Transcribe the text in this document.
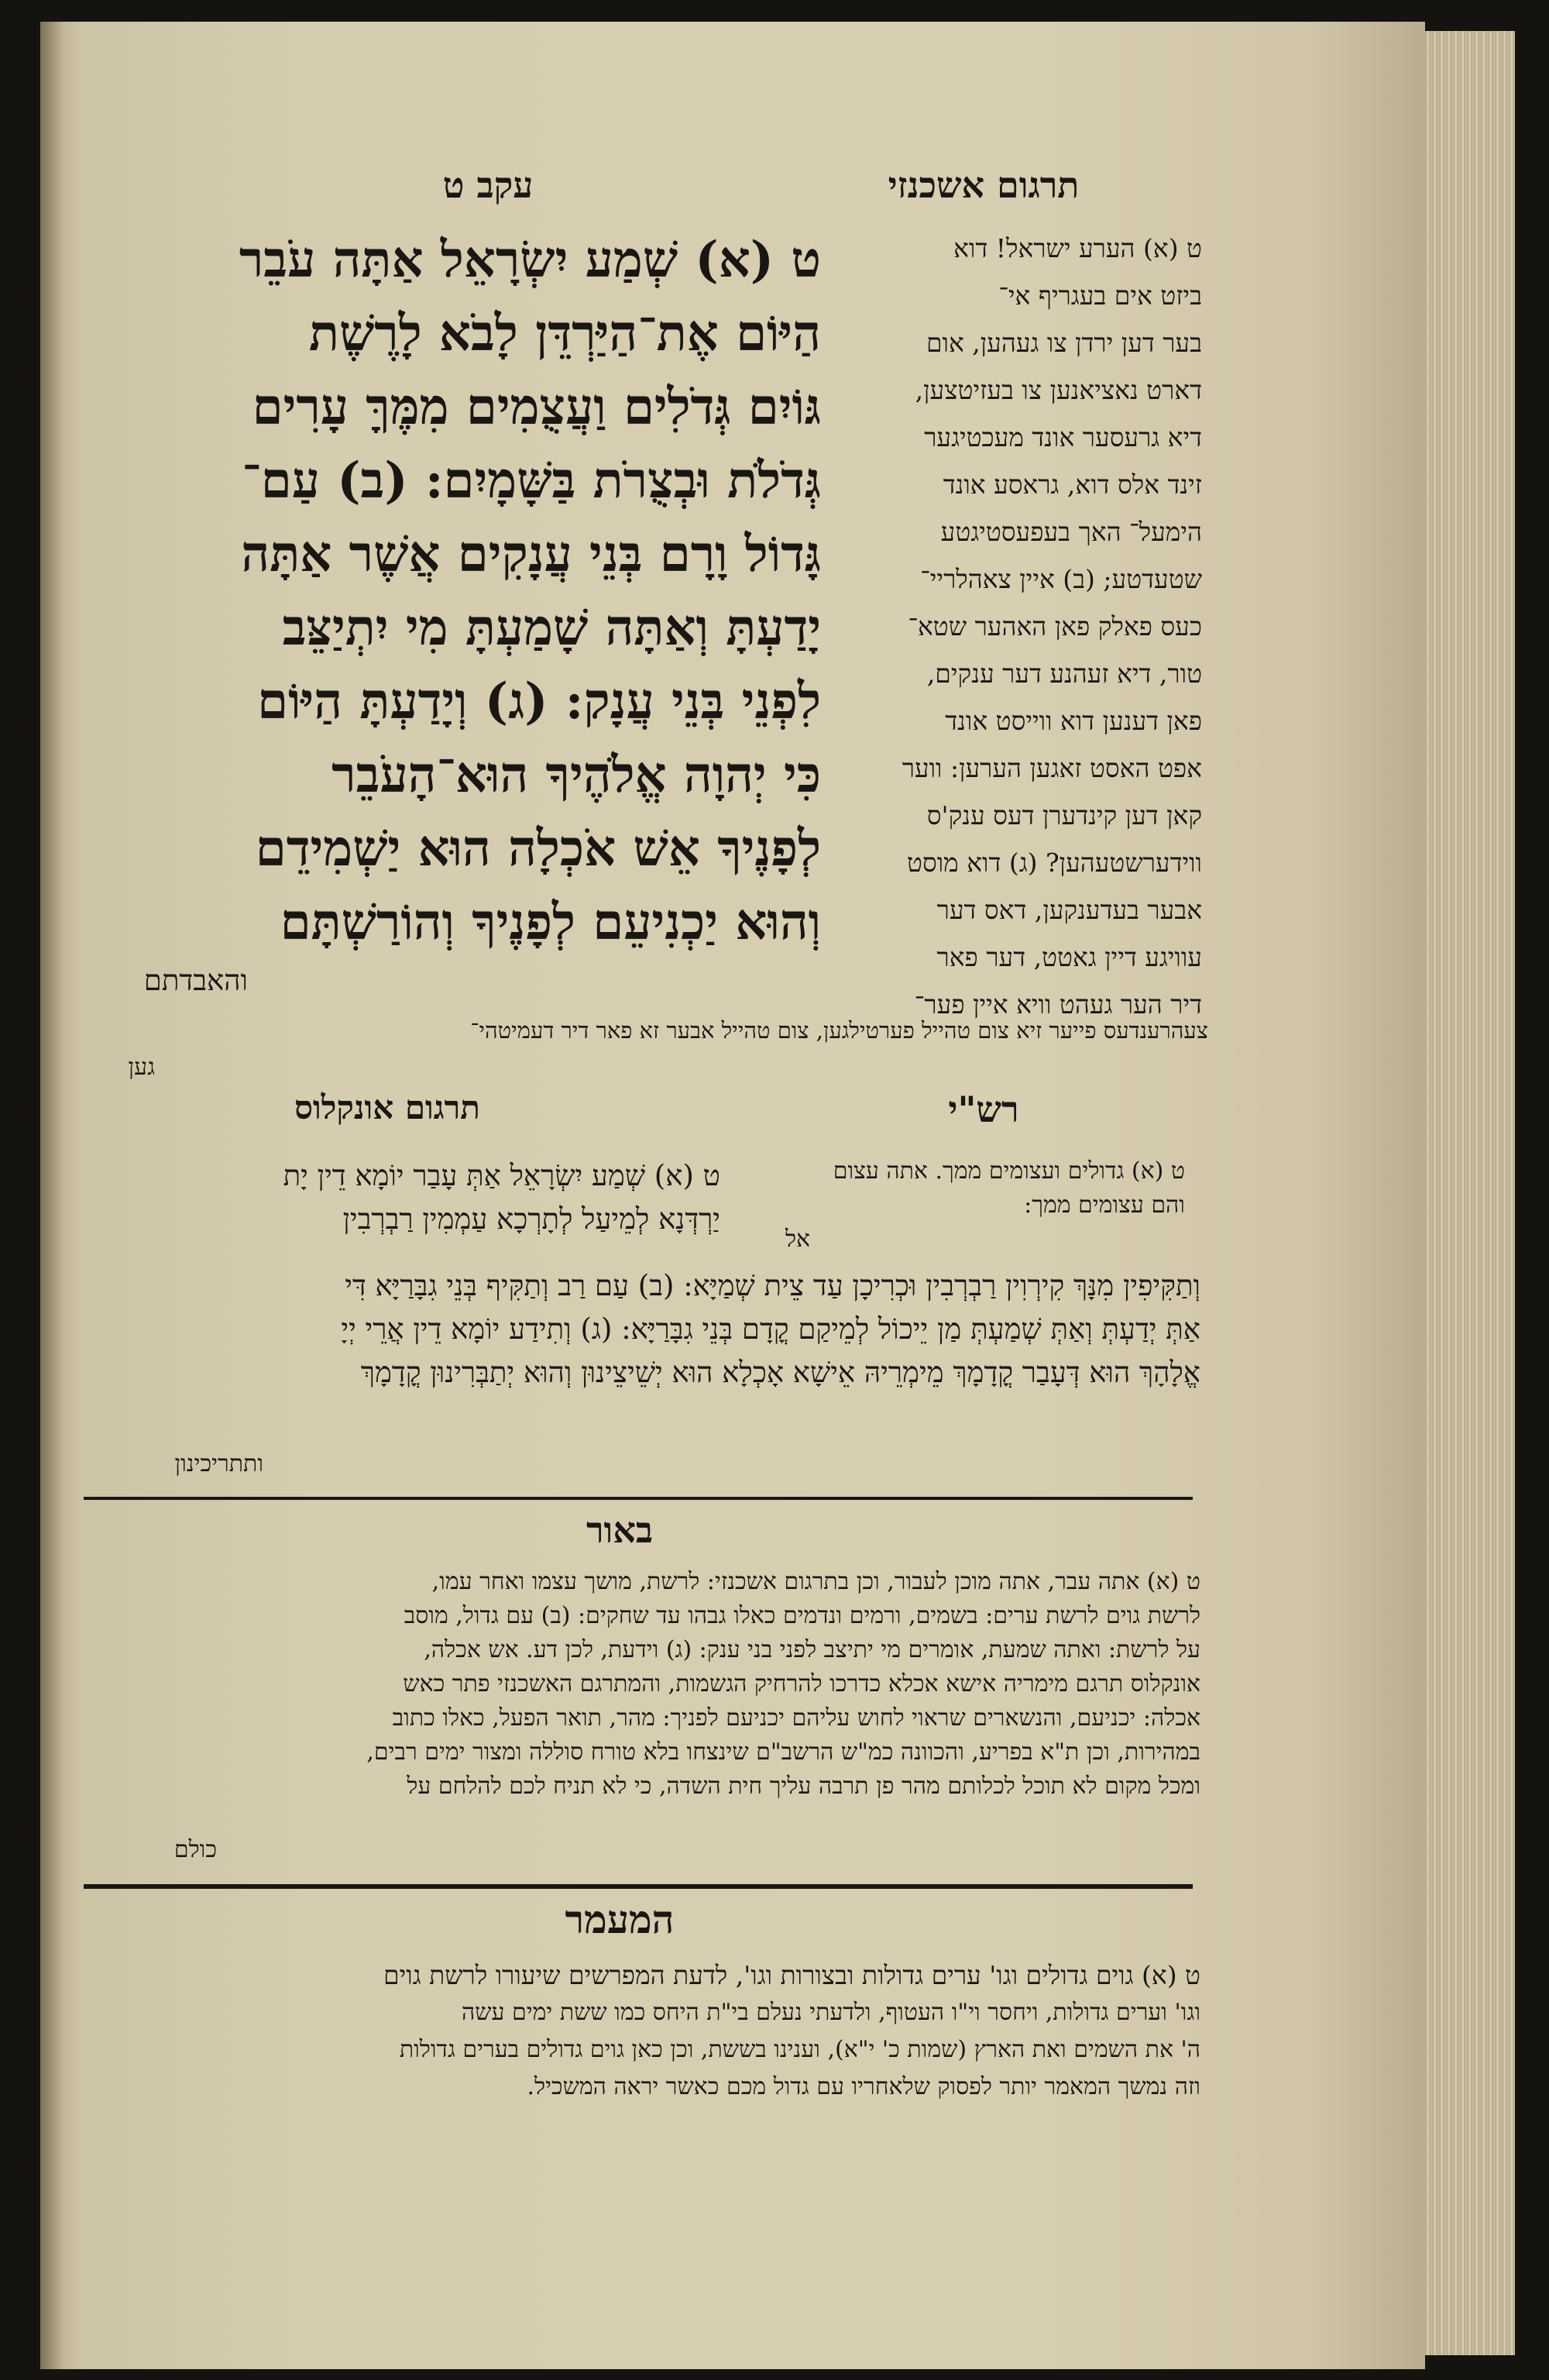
תרגום אשכנזי
עקב ט
ט (א) שְׁמַע יִשְׂרָאֵל אַתָּה עֹבֵר
הַיּוֹם אֶת־הַיַּרְדֵּן לָבֹא לָרֶשֶׁת
גּוֹיִם גְּדֹלִים וַעֲצֻמִים מִמֶּךָּ עָרִים
גְּדֹלֹת וּבְצֻרֹת בַּשָּׁמָיִם: (ב) עַם־
גָּדוֹל וָרָם בְּנֵי עֲנָקִים אֲשֶׁר אַתָּה
יָדַעְתָּ וְאַתָּה שָׁמַעְתָּ מִי יִתְיַצֵּב
לִפְנֵי בְּנֵי עֲנָק: (ג) וְיָדַעְתָּ הַיּוֹם
כִּי יְהוָה אֱלֹהֶיךָ הוּא־הָעֹבֵר
לְפָנֶיךָ אֵשׁ אֹכְלָה הוּא יַשְׁמִידֵם
וְהוּא יַכְנִיעֵם לְפָנֶיךָ וְהוֹרַשְׁתָּם
והאבדתם
ט (א) הערע ישראל! דוא
ביזט אים בעגריף אי־
בער דען ירדן צו געהען, אום
דארט נאציאנען צו בעזיטצען,
דיא גרעסער אונד מעכטיגער
זינד אלס דוא, גראסע אונד
הימעל־ האך בעפעסטיגטע
שטעדטע; (ב) איין צאהלריי־
כעס פאלק פאן האהער שטא־
טור, דיא זעהנע דער ענקים,
פאן דענען דוא ווייסט אונד
אפט האסט זאגען הערען: ווער
קאן דען קינדערן דעס ענק'ס
ווידערשטעהען? (ג) דוא מוסט
אבער בעדענקען, דאס דער
עוויגע דיין גאטט, דער פאר
דיר הער געהט וויא איין פער־
צעהרענדעס פייער זיא צום טהייל פערטילגען, צום טהייל אבער זא פאר דיר דעמיטהי־
גען
רש"י
תרגום אונקלוס
ט (א) גדולים ועצומים ממך. אתה עצום
והם עצומים ממך:
אל
ט (א) שְׁמַע יִשְׂרָאֵל אַתְּ עָבַר יוֹמָא דֵין יָת
יַרְדְּנָא לְמֵיעַל לְתָרְכָא עַמְמִין רַבְרְבִין
וְתַקִּיפִין מִנָּךְ קִירְוִין רַבְרְבִין וּכְרִיכָן עַד צֵית שְׁמַיָּא: (ב) עַם רַב וְתַקִּיף בְּנֵי גִבָּרַיָּא דִּי
אַתְּ יְדַעְתְּ וְאַתְּ שְׁמַעְתְּ מַן יֵיכוֹל לְמֵיקַם קֳדָם בְּנֵי גִבָּרַיָּא: (ג) וְתִידַע יוֹמָא דֵין אֲרֵי יְיָ
אֱלָהָךְ הוּא דְּעָבַר קֳדָמָךְ מֵימְרֵיהּ אֵישָׁא אָכְלָא הוּא יְשֵׁיצֵינוּן וְהוּא יְתַבְּרִינוּן קֳדָמָךְ
ותתריכינון
באור
ט (א) אתה עבר, אתה מוכן לעבור, וכן בתרגום אשכנזי: לרשת, מושך עצמו ואחר עמו,
לרשת גוים לרשת ערים: בשמים, ורמים ונדמים כאלו גבהו עד שחקים: (ב) עם גדול, מוסב
על לרשת: ואתה שמעת, אומרים מי יתיצב לפני בני ענק: (ג) וידעת, לכן דע. אש אכלה,
אונקלוס תרגם מימריה אישא אכלא כדרכו להרחיק הגשמות, והמתרגם האשכנזי פתר כאש
אכלה: יכניעם, והנשארים שראוי לחוש עליהם יכניעם לפניך: מהר, תואר הפעל, כאלו כתוב
במהירות, וכן ת"א בפריע, והכוונה כמ"ש הרשב"ם שינצחו בלא טורח סוללה ומצור ימים רבים,
ומכל מקום לא תוכל לכלותם מהר פן תרבה עליך חית השדה, כי לא תניח לכם להלחם על
כולם
המעמר
ט (א) גוים גדולים וגו' ערים גדולות ובצורות וגו', לדעת המפרשים שיעורו לרשת גוים
וגו' וערים גדולות, ויחסר וי"ו העטוף, ולדעתי נעלם בי"ת היחס כמו ששת ימים עשה
ה' את השמים ואת הארץ (שמות כ' י"א), וענינו בששת, וכן כאן גוים גדולים בערים גדולות
וזה נמשך המאמר יותר לפסוק שלאחריו עם גדול מכם כאשר יראה המשכיל.
